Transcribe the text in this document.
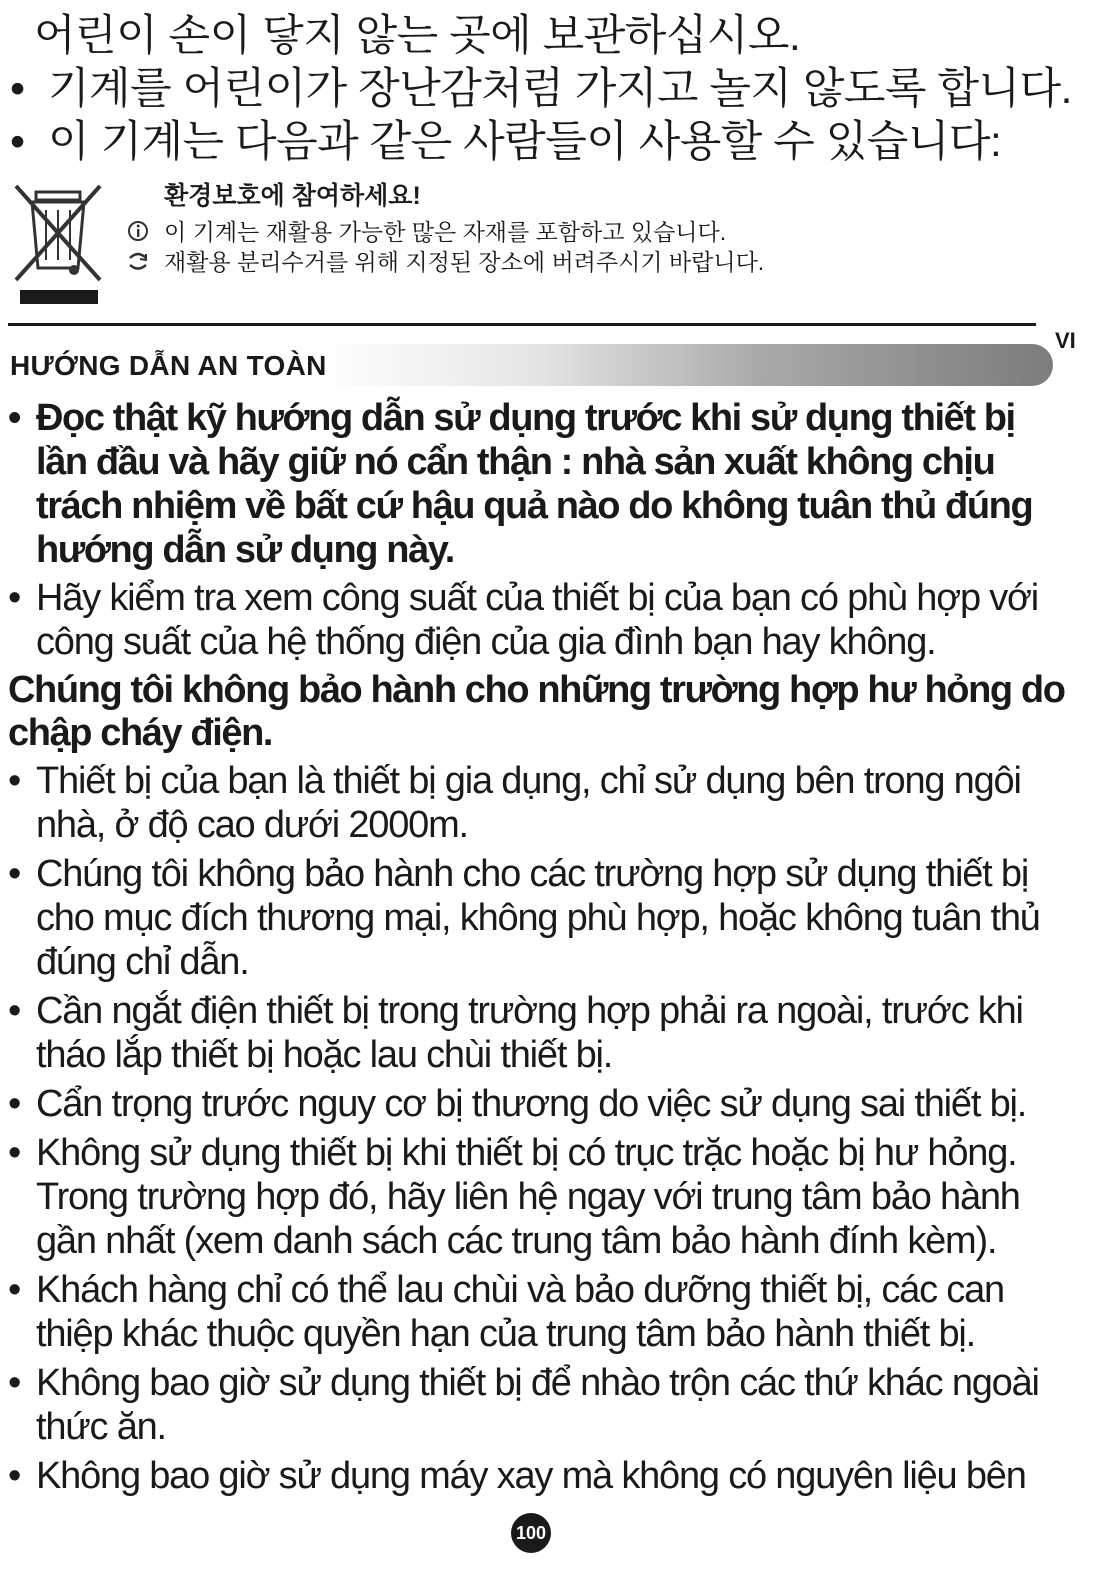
어린이 손이 닿지 않는 곳에 보관하십시오.
• 기계를 어린이가 장난감처럼 가지고 놀지 않도록 합니다.
• 이 기계는 다음과 같은 사람들이 사용할 수 있습니다:
환경보호에 참여하세요!
이 기계는 재활용 가능한 많은 자재를 포함하고 있습니다.
재활용 분리수거를 위해 지정된 장소에 버려주시기 바랍니다.
VI
HƯỚNG DẪN AN TOÀN
• Đọc thật kỹ hướng dẫn sử dụng trước khi sử dụng thiết bị lần đầu và hãy giữ nó cẩn thận : nhà sản xuất không chịu trách nhiệm về bất cứ hậu quả nào do không tuân thủ đúng hướng dẫn sử dụng này.
• Hãy kiểm tra xem công suất của thiết bị của bạn có phù hợp với công suất của hệ thống điện của gia đình bạn hay không.
Chúng tôi không bảo hành cho những trường hợp hư hỏng do chập cháy điện.
• Thiết bị của bạn là thiết bị gia dụng, chỉ sử dụng bên trong ngôi nhà, ở độ cao dưới 2000m.
• Chúng tôi không bảo hành cho các trường hợp sử dụng thiết bị cho mục đích thương mại, không phù hợp, hoặc không tuân thủ đúng chỉ dẫn.
• Cần ngắt điện thiết bị trong trường hợp phải ra ngoài, trước khi tháo lắp thiết bị hoặc lau chùi thiết bị.
• Cẩn trọng trước nguy cơ bị thương do việc sử dụng sai thiết bị.
• Không sử dụng thiết bị khi thiết bị có trục trặc hoặc bị hư hỏng. Trong trường hợp đó, hãy liên hệ ngay với trung tâm bảo hành gần nhất (xem danh sách các trung tâm bảo hành đính kèm).
• Khách hàng chỉ có thể lau chùi và bảo dưỡng thiết bị, các can thiệp khác thuộc quyền hạn của trung tâm bảo hành thiết bị.
• Không bao giờ sử dụng thiết bị để nhào trộn các thứ khác ngoài thức ăn.
• Không bao giờ sử dụng máy xay mà không có nguyên liệu bên
100
